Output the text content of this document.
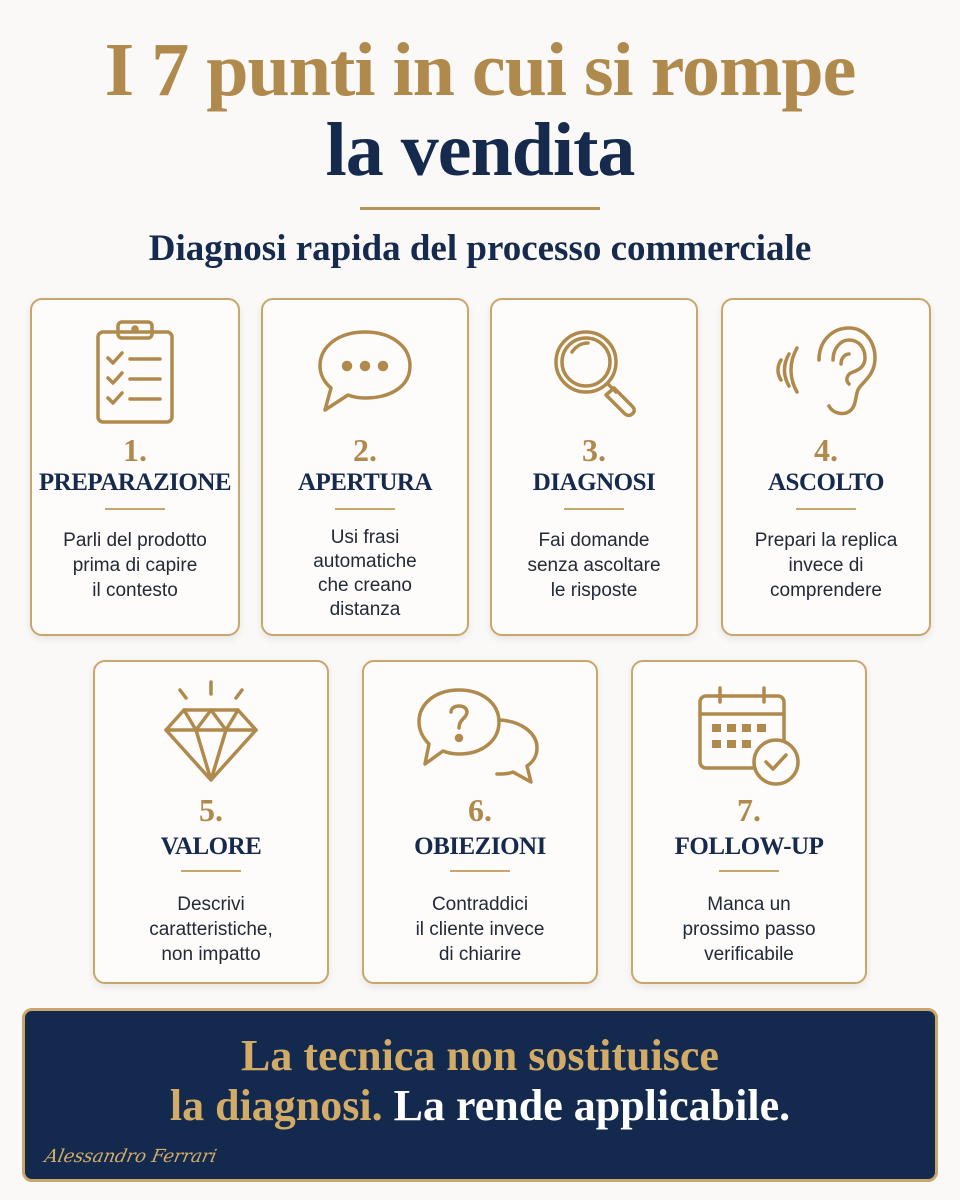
I 7 punti in cui si rompe
la vendita
Diagnosi rapida del processo commerciale
1.
PREPARAZIONE
Parli del prodotto
prima di capire
il contesto
2.
APERTURA
Usi frasi
automatiche
che creano
distanza
3.
DIAGNOSI
Fai domande
senza ascoltare
le risposte
4.
ASCOLTO
Prepari la replica
invece di
comprendere
5.
VALORE
Descrivi
caratteristiche,
non impatto
6.
OBIEZIONI
Contraddici
il cliente invece
di chiarire
7.
FOLLOW-UP
Manca un
prossimo passo
verificabile
La tecnica non sostituisce
la diagnosi. La rende applicabile.
Alessandro Ferrari
